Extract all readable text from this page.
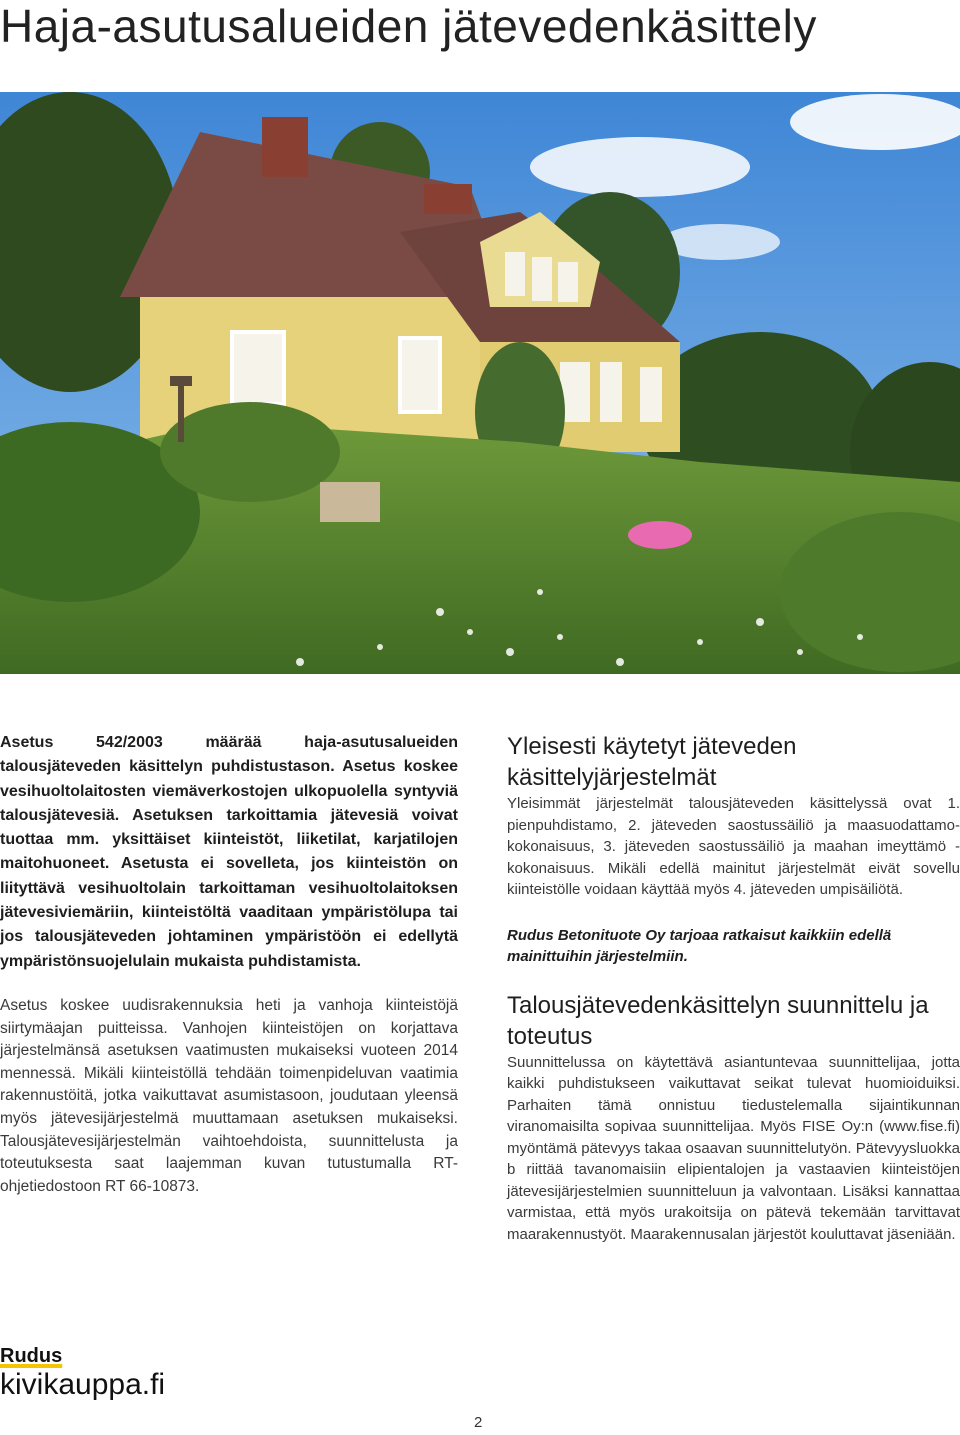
Haja-asutusalueiden jätevedenkäsittely

Asetus 542/2003 määrää haja-asutusalueiden talousjäteveden käsittelyn puhdistustason. Asetus koskee vesihuoltolaitosten viemäverkostojen ulkopuolella syntyviä talousjätevesiä. Asetuksen tarkoittamia jätevesiä voivat tuottaa mm. yksittäiset kiinteistöt, liiketilat, karjatilojen maitohuoneet. Asetusta ei sovelleta, jos kiinteistön on liityttävä vesihuoltolain tarkoittaman vesihuoltolaitoksen jätevesiviemäriin, kiinteistöltä vaaditaan ympäristölupa tai jos talousjäteveden johtaminen ympäristöön ei edellytä ympäristönsuojelulain mukaista puhdistamista.

Asetus koskee uudisrakennuksia heti ja vanhoja kiinteistöjä siirtymäajan puitteissa. Vanhojen kiinteistöjen on korjattava järjestelmänsä asetuksen vaatimusten mukaiseksi vuoteen 2014 mennessä. Mikäli kiinteistöllä tehdään toimenpideluvan vaatimia rakennustöitä, jotka vaikuttavat asumistasoon, joudutaan yleensä myös jätevesijärjestelmä muuttamaan asetuksen mukaiseksi. Talousjätevesijärjestelmän vaihtoehdoista, suunnittelusta ja toteutuksesta saat laajemman kuvan tutustumalla RT-ohjetiedostoon RT 66-10873.

Yleisesti käytetyt jäteveden käsittelyjärjestelmät

Yleisimmät järjestelmät talousjäteveden käsittelyssä ovat 1. pienpuhdistamo, 2. jäteveden saostussäiliö ja maasuodattamo-kokonaisuus, 3. jäteveden saostussäiliö ja maahan imeyttämö -kokonaisuus. Mikäli edellä mainitut järjestelmät eivät sovellu kiinteistölle voidaan käyttää myös 4. jäteveden umpisäiliötä.

Rudus Betonituote Oy tarjoaa ratkaisut kaikkiin edellä mainittuihin järjestelmiin.

Talousjätevedenkäsittelyn suunnittelu ja toteutus

Suunnittelussa on käytettävä asiantuntevaa suunnittelijaa, jotta kaikki puhdistukseen vaikuttavat seikat tulevat huomioiduiksi. Parhaiten tämä onnistuu tiedustelemalla sijaintikunnan viranomaisilta sopivaa suunnittelijaa. Myös FISE Oy:n (www.fise.fi) myöntämä pätevyys takaa osaavan suunnittelutyön. Pätevyysluokka b riittää tavanomaisiin elipientalojen ja vastaavien kiinteistöjen jätevesijärjestelmien suunnitteluun ja valvontaan. Lisäksi kannattaa varmistaa, että myös urakoitsija on pätevä tekemään tarvittavat maarakennustyöt. Maarakennusalan järjestöt kouluttavat jäseniään.

Rudus
kivikauppa.fi
2
